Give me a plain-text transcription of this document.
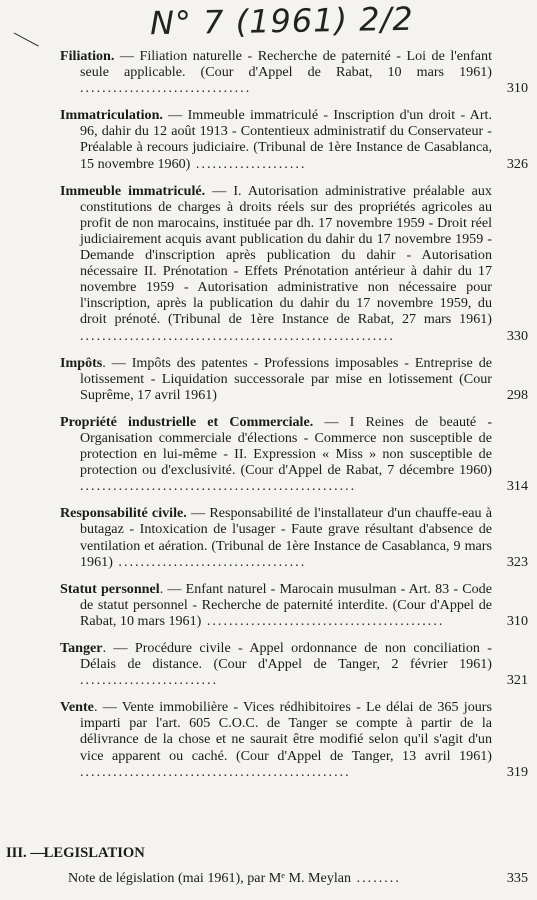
N° 7 (1961) 2/2
Filiation. — Filiation naturelle - Recherche de paternité - Loi de l'enfant seule applicable. (Cour d'Appel de Rabat, 10 mars 1961) ...............................	310
Immatriculation. — Immeuble immatriculé - Inscription d'un droit - Art. 96, dahir du 12 août 1913 - Contentieux administratif du Conservateur - Préalable à recours judiciaire. (Tribunal de 1ère Instance de Casablanca, 15 novembre 1960) ....................	326
Immeuble immatriculé. — I. Autorisation administrative préalable aux constitutions de charges à droits réels sur des propriétés agricoles au profit de non marocains, instituée par dh. 17 novembre 1959 - Droit réel judiciairement acquis avant publication du dahir du 17 novembre 1959 - Demande d'inscription après publication du dahir - Autorisation nécessaire II. Prénotation - Effets Prénotation antérieur à dahir du 17 novembre 1959 - Autorisation administrative non nécessaire pour l'inscription, après la publication du dahir du 17 novembre 1959, du droit prénoté. (Tribunal de 1ère Instance de Rabat, 27 mars 1961) .........................................................	330
Impôts. — Impôts des patentes - Professions imposables - Entreprise de lotissement - Liquidation successorale par mise en lotissement (Cour Suprême, 17 avril 1961)	298
Propriété industrielle et Commerciale. — I Reines de beauté - Organisation commerciale d'élections - Commerce non susceptible de protection en lui-même - II. Expression « Miss » non susceptible de protection ou d'exclusivité. (Cour d'Appel de Rabat, 7 décembre 1960) ..................................................	314
Responsabilité civile. — Responsabilité de l'installateur d'un chauffe-eau à butagaz - Intoxication de l'usager - Faute grave résultant d'absence de ventilation et aération. (Tribunal de 1ère Instance de Casablanca, 9 mars 1961) ..................................	323
Statut personnel. — Enfant naturel - Marocain musulman - Art. 83 - Code de statut personnel - Recherche de paternité interdite. (Cour d'Appel de Rabat, 10 mars 1961) ...........................................	310
Tanger. — Procédure civile - Appel ordonnance de non conciliation - Délais de distance. (Cour d'Appel de Tanger, 2 février 1961) .........................	321
Vente. — Vente immobilière - Vices rédhibitoires - Le délai de 365 jours imparti par l'art. 605 C.O.C. de Tanger se compte à partir de la délivrance de la chose et ne saurait être modifié selon qu'il s'agit d'un vice apparent ou caché. (Cour d'Appel de Tanger, 13 avril 1961) .................................................	319
III. — LEGISLATION
Note de législation (mai 1961), par Mᵉ M. Meylan ........	335
